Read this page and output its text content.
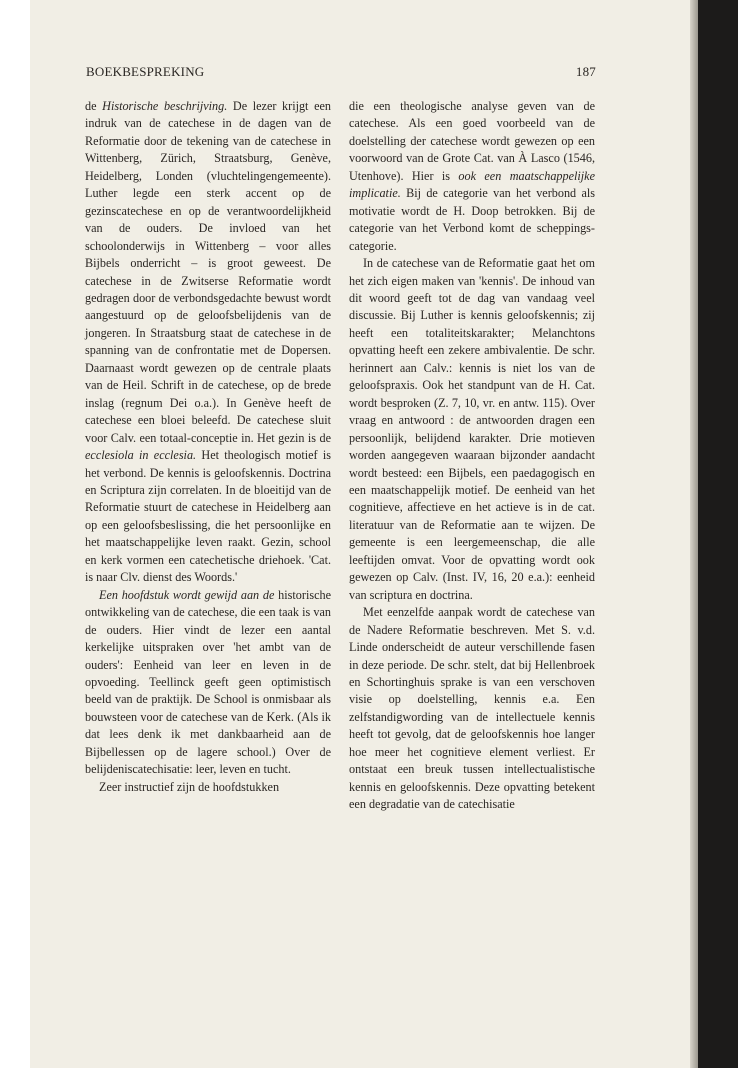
BOEKBESPREKING	187

de Historische beschrijving. De lezer krijgt een indruk van de catechese in de dagen van de Reformatie door de tekening van de catechese in Wittenberg, Zürich, Straatsburg, Genève, Heidelberg, Londen (vluchtelingengemeente). Luther legde een sterk accent op de gezinscatechese en op de verantwoordelijkheid van de ouders. De invloed van het schoolonderwijs in Wittenberg – voor alles Bijbels onderricht – is groot geweest. De catechese in de Zwitserse Reformatie wordt gedragen door de verbondsgedachte bewust wordt aangestuurd op de geloofsbelijdenis van de jongeren. In Straatsburg staat de catechese in de spanning van de confrontatie met de Dopersen. Daarnaast wordt gewezen op de centrale plaats van de Heil. Schrift in de catechese, op de brede inslag (regnum Dei o.a.). In Genève heeft de catechese een bloei beleefd. De catechese sluit voor Calv. een totaal-conceptie in. Het gezin is de ecclesiola in ecclesia. Het theologisch motief is het verbond. De kennis is geloofskennis. Doctrina en Scriptura zijn correlaten. In de bloeitijd van de Reformatie stuurt de catechese in Heidelberg aan op een geloofsbeslissing, die het persoonlijke en het maatschappelijke leven raakt. Gezin, school en kerk vormen een catechetische driehoek. 'Cat. is naar Clv. dienst des Woords.'

Een hoofdstuk wordt gewijd aan de historische ontwikkeling van de catechese, die een taak is van de ouders. Hier vindt de lezer een aantal kerkelijke uitspraken over 'het ambt van de ouders': Eenheid van leer en leven in de opvoeding. Teellinck geeft geen optimistisch beeld van de praktijk. De School is onmisbaar als bouwsteen voor de catechese van de Kerk. (Als ik dat lees denk ik met dankbaarheid aan de Bijbellessen op de lagere school.) Over de belijdeniscatechisatie: leer, leven en tucht.

Zeer instructief zijn de hoofdstukken

die een theologische analyse geven van de catechese. Als een goed voorbeeld van de doelstelling der catechese wordt gewezen op een voorwoord van de Grote Cat. van À Lasco (1546, Utenhove). Hier is ook een maatschappelijke implicatie. Bij de categorie van het verbond als motivatie wordt de H. Doop betrokken. Bij de categorie van het Verbond komt de scheppings-categorie.

In de catechese van de Reformatie gaat het om het zich eigen maken van 'kennis'. De inhoud van dit woord geeft tot de dag van vandaag veel discussie. Bij Luther is kennis geloofskennis; zij heeft een totaliteitskarakter; Melanchtons opvatting heeft een zekere ambivalentie. De schr. herinnert aan Calv.: kennis is niet los van de geloofspraxis. Ook het standpunt van de H. Cat. wordt besproken (Z. 7, 10, vr. en antw. 115). Over vraag en antwoord : de antwoorden dragen een persoonlijk, belijdend karakter. Drie motieven worden aangegeven waaraan bijzonder aandacht wordt besteed: een Bijbels, een paedagogisch en een maatschappelijk motief. De eenheid van het cognitieve, affectieve en het actieve is in de cat. literatuur van de Reformatie aan te wijzen. De gemeente is een leergemeenschap, die alle leeftijden omvat. Voor de opvatting wordt ook gewezen op Calv. (Inst. IV, 16, 20 e.a.): eenheid van scriptura en doctrina.

Met eenzelfde aanpak wordt de catechese van de Nadere Reformatie beschreven. Met S. v.d. Linde onderscheidt de auteur verschillende fasen in deze periode. De schr. stelt, dat bij Hellenbroek en Schortinghuis sprake is van een verschoven visie op doelstelling, kennis e.a. Een zelfstandigwording van de intellectuele kennis heeft tot gevolg, dat de geloofskennis hoe langer hoe meer het cognitieve element verliest. Er ontstaat een breuk tussen intellectualistische kennis en geloofskennis. Deze opvatting betekent een degradatie van de catechisatie
